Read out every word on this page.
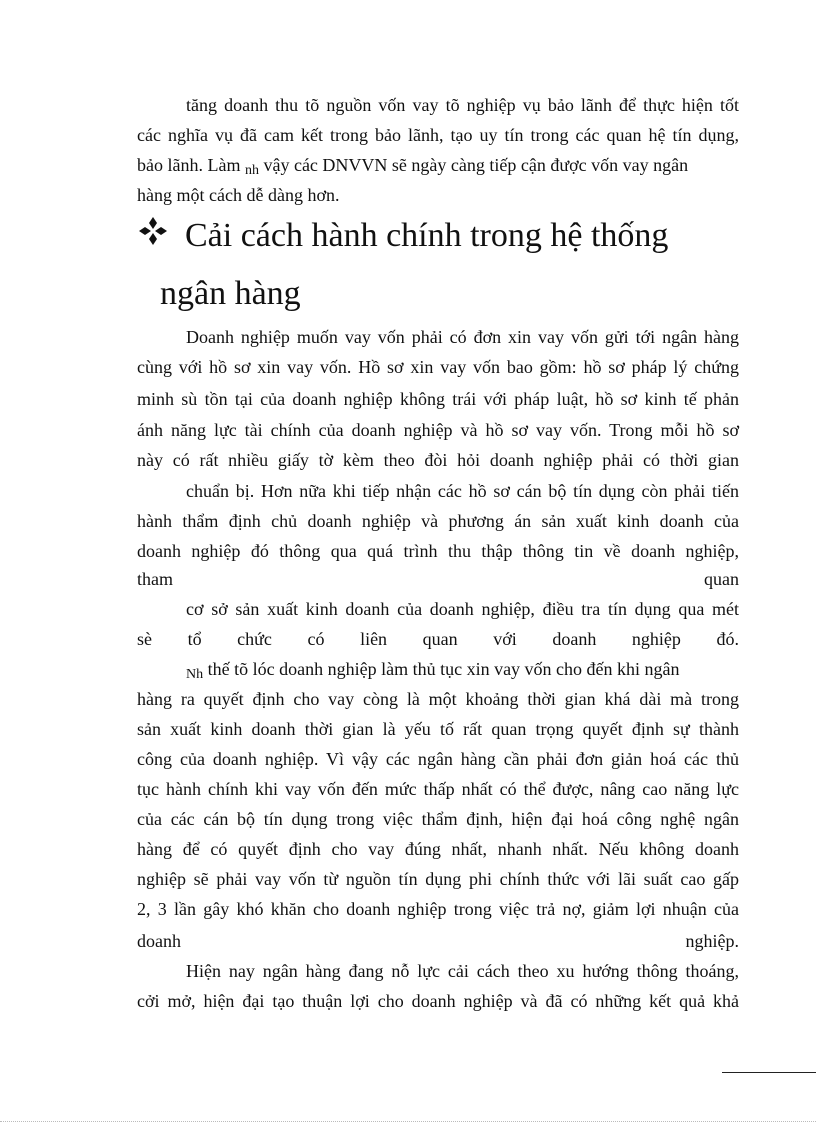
tăng doanh thu tõ nguồn vốn vay tõ nghiệp vụ bảo lãnh để thực hiện tốt
các nghĩa vụ đã cam kết trong bảo lãnh, tạo uy tín trong các quan hệ tín dụng,
bảo lãnh. Làm nh vậy các DNVVN sẽ ngày càng tiếp cận được vốn vay ngân
hàng một cách dễ dàng hơn.
Cải cách hành chính trong hệ thống
ngân hàng
Doanh nghiệp muốn vay vốn phải có đơn xin vay vốn gửi tới ngân hàng
cùng với hồ sơ xin vay vốn. Hồ sơ xin vay vốn bao gồm: hồ sơ pháp lý chứng
minh sù tồn tại của doanh nghiệp không trái với pháp luật, hồ sơ kinh tế phản
ánh năng lực tài chính của doanh nghiệp và hồ sơ vay vốn. Trong mỗi hồ sơ
này có rất nhiều giấy tờ kèm theo đòi hỏi doanh nghiệp phải có thời gian
chuẩn bị. Hơn nữa khi tiếp nhận các hồ sơ cán bộ tín dụng còn phải tiến
hành thẩm định chủ doanh nghiệp và phương án sản xuất kinh doanh của
doanh nghiệp đó thông qua quá trình thu thập thông tin về doanh nghiệp,
tham	quan
cơ sở sản xuất kinh doanh của doanh nghiệp, điều tra tín dụng qua mét
sè tổ chức có liên quan với doanh nghiệp đó.
Nh thế tõ lóc doanh nghiệp làm thủ tục xin vay vốn cho đến khi ngân
hàng ra quyết định cho vay còng là một khoảng thời gian khá dài mà trong
sản xuất kinh doanh thời gian là yếu tố rất quan trọng quyết định sự thành
công của doanh nghiệp. Vì vậy các ngân hàng cần phải đơn giản hoá các thủ
tục hành chính khi vay vốn đến mức thấp nhất có thể được, nâng cao năng lực
của các cán bộ tín dụng trong việc thẩm định, hiện đại hoá công nghệ ngân
hàng để có quyết định cho vay đúng nhất, nhanh nhất. Nếu không doanh
nghiệp sẽ phải vay vốn từ nguồn tín dụng phi chính thức với lãi suất cao gấp
2, 3 lần gây khó khăn cho doanh nghiệp trong việc trả nợ, giảm lợi nhuận của
doanh	nghiệp.
Hiện nay ngân hàng đang nỗ lực cải cách theo xu hướng thông thoáng,
cởi mở, hiện đại tạo thuận lợi cho doanh nghiệp và đã có những kết quả khả
